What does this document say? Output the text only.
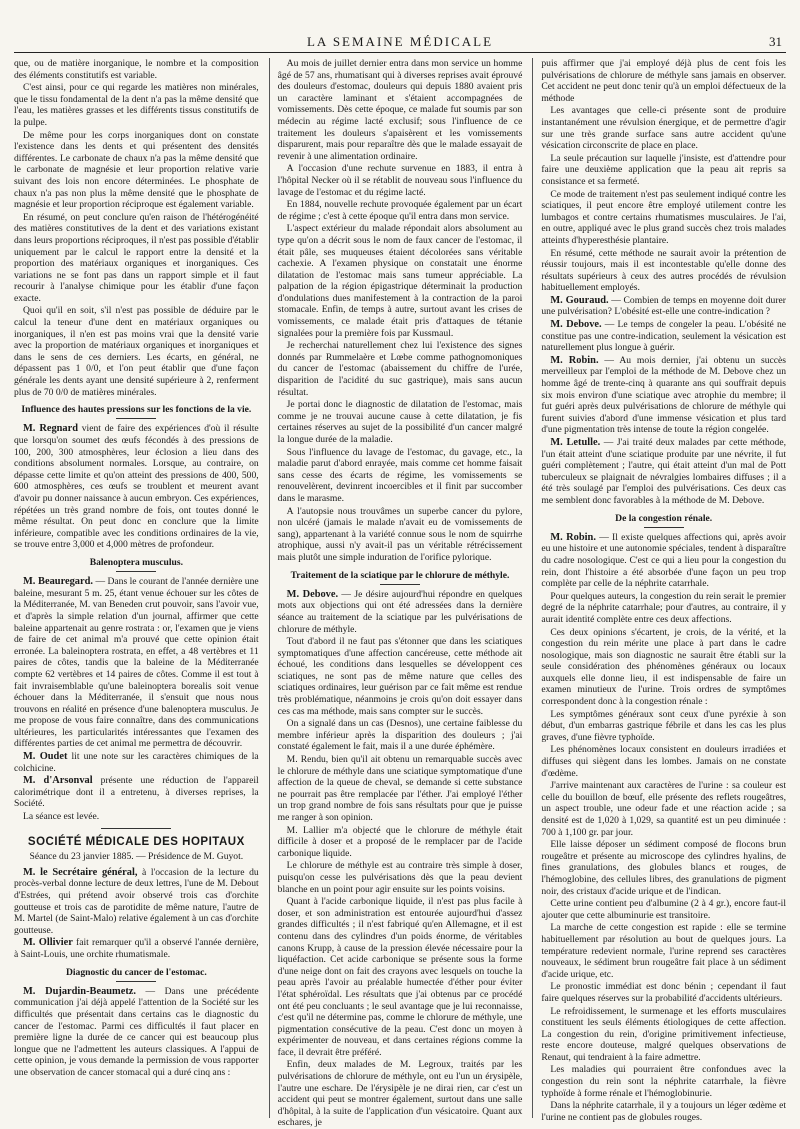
LA SEMAINE MÉDICALE	31

que, ou de matière inorganique, le nombre et la composition des éléments constitutifs est variable.

C'est ainsi, pour ce qui regarde les matières non minérales, que le tissu fondamental de la dent n'a pas la même densité que l'eau, les matières grasses et les différents tissus constitutifs de la pulpe.

De même pour les corps inorganiques dont on constate l'existence dans les dents et qui présentent des densités différentes. Le carbonate de chaux n'a pas la même densité que le carbonate de magnésie et leur proportion relative varie suivant des lois non encore déterminées. Le phosphate de chaux n'a pas non plus la même densité que le phosphate de magnésie et leur proportion réciproque est également variable.

En résumé, on peut conclure qu'en raison de l'hétérogénéité des matières constitutives de la dent et des variations existant dans leurs proportions réciproques, il n'est pas possible d'établir uniquement par le calcul le rapport entre la densité et la proportion des matériaux organiques et inorganiques. Ces variations ne se font pas dans un rapport simple et il faut recourir à l'analyse chimique pour les établir d'une façon exacte.

Quoi qu'il en soit, s'il n'est pas possible de déduire par le calcul la teneur d'une dent en matériaux organiques ou inorganiques, il n'en est pas moins vrai que la densité varie avec la proportion de matériaux organiques et inorganiques et dans le sens de ces derniers. Les écarts, en général, ne dépassent pas 1 0/0, et l'on peut établir que d'une façon générale les dents ayant une densité supérieure à 2, renferment plus de 70 0/0 de matières minérales.

Influence des hautes pressions sur les fonctions de la vie.

M. Regnard vient de faire des expériences d'où il résulte que lorsqu'on soumet des œufs fécondés à des pressions de 100, 200, 300 atmosphères, leur éclosion a lieu dans des conditions absolument normales. Lorsque, au contraire, on dépasse cette limite et qu'on atteint des pressions de 400, 500, 600 atmosphères, ces œufs se troublent et meurent avant d'avoir pu donner naissance à aucun embryon. Ces expériences, répétées un très grand nombre de fois, ont toutes donné le même résultat. On peut donc en conclure que la limite inférieure, compatible avec les conditions ordinaires de la vie, se trouve entre 3,000 et 4,000 mètres de profondeur.

Balenoptera musculus.

M. Beauregard. — Dans le courant de l'année dernière une baleine, mesurant 5 m. 25, étant venue échouer sur les côtes de la Méditerranée, M. van Beneden crut pouvoir, sans l'avoir vue, et d'après la simple relation d'un journal, affirmer que cette baleine appartenait au genre rostrata : or, l'examen que je viens de faire de cet animal m'a prouvé que cette opinion était erronée. La baleinoptera rostrata, en effet, a 48 vertèbres et 11 paires de côtes, tandis que la baleine de la Méditerranée compte 62 vertèbres et 14 paires de côtes. Comme il est tout à fait invraisemblable qu'une baleinoptera borealis soit venue échouer dans la Méditerranée, il s'ensuit que nous nous trouvons en réalité en présence d'une balenoptera musculus. Je me propose de vous faire connaître, dans des communications ultérieures, les particularités intéressantes que l'examen des différentes parties de cet animal me permettra de découvrir.

M. Oudet lit une note sur les caractères chimiques de la colchicine.

M. d'Arsonval présente une réduction de l'appareil calorimétrique dont il a entretenu, à diverses reprises, la Société.

La séance est levée.

SOCIÉTÉ MÉDICALE DES HOPITAUX
Séance du 23 janvier 1885. — Présidence de M. Guyot.

M. le Secrétaire général, à l'occasion de la lecture du procès-verbal donne lecture de deux lettres, l'une de M. Debout d'Estrées, qui prétend avoir observé trois cas d'orchite goutteuse et trois cas de parotidite de même nature, l'autre de M. Martel (de Saint-Malo) relative également à un cas d'orchite goutteuse.

M. Ollivier fait remarquer qu'il a observé l'année dernière, à Saint-Louis, une orchite rhumatismale.

Diagnostic du cancer de l'estomac.

M. Dujardin-Beaumetz. — Dans une précédente communication j'ai déjà appelé l'attention de la Société sur les difficultés que présentait dans certains cas le diagnostic du cancer de l'estomac. Parmi ces difficultés il faut placer en première ligne la durée de ce cancer qui est beaucoup plus longue que ne l'admettent les auteurs classiques. A l'appui de cette opinion, je vous demande la permission de vous rapporter une observation de cancer stomacal qui a duré cinq ans :

Au mois de juillet dernier entra dans mon service un homme âgé de 57 ans, rhumatisant qui à diverses reprises avait éprouvé des douleurs d'estomac, douleurs qui depuis 1880 avaient pris un caractère laminant et s'étaient accompagnées de vomissements. Dès cette époque, ce malade fut soumis par son médecin au régime lacté exclusif; sous l'influence de ce traitement les douleurs s'apaisèrent et les vomissements disparurent, mais pour reparaître dès que le malade essayait de revenir à une alimentation ordinaire.

A l'occasion d'une rechute survenue en 1883, il entra à l'hôpital Necker où il se rétablit de nouveau sous l'influence du lavage de l'estomac et du régime lacté.

En 1884, nouvelle rechute provoquée également par un écart de régime ; c'est à cette époque qu'il entra dans mon service.

L'aspect extérieur du malade répondait alors absolument au type qu'on a décrit sous le nom de faux cancer de l'estomac, il était pâle, ses muqueuses étaient décolorées sans véritable cachexie. A l'examen physique on constatait une énorme dilatation de l'estomac mais sans tumeur appréciable. La palpation de la région épigastrique déterminait la production d'ondulations dues manifestement à la contraction de la paroi stomacale. Enfin, de temps à autre, surtout avant les crises de vomissements, ce malade était pris d'attaques de tétanie signalées pour la première fois par Kussmaul.

Je recherchai naturellement chez lui l'existence des signes donnés par Rummelaère et Lœbe comme pathognomoniques du cancer de l'estomac (abaissement du chiffre de l'urée, disparition de l'acidité du suc gastrique), mais sans aucun résultat.

Je portai donc le diagnostic de dilatation de l'estomac, mais comme je ne trouvai aucune cause à cette dilatation, je fis certaines réserves au sujet de la possibilité d'un cancer malgré la longue durée de la maladie.

Sous l'influence du lavage de l'estomac, du gavage, etc., la maladie parut d'abord enrayée, mais comme cet homme faisait sans cesse des écarts de régime, les vomissements se renouvelèrent, devinrent incoercibles et il finit par succomber dans le marasme.

A l'autopsie nous trouvâmes un superbe cancer du pylore, non ulcéré (jamais le malade n'avait eu de vomissements de sang), appartenant à la variété connue sous le nom de squirrhe atrophique, aussi n'y avait-il pas un véritable rétrécissement mais plutôt une simple induration de l'orifice pylorique.

Traitement de la sciatique par le chlorure de méthyle.

M. Debove. — Je désire aujourd'hui répondre en quelques mots aux objections qui ont été adressées dans la dernière séance au traitement de la sciatique par les pulvérisations de chlorure de méthyle.

Tout d'abord il ne faut pas s'étonner que dans les sciatiques symptomatiques d'une affection cancéreuse, cette méthode ait échoué, les conditions dans lesquelles se développent ces sciatiques, ne sont pas de même nature que celles des sciatiques ordinaires, leur guérison par ce fait même est rendue très problématique, néanmoins je crois qu'on doit essayer dans ces cas ma méthode, mais sans compter sur le succès.

On a signalé dans un cas (Desnos), une certaine faiblesse du membre inférieur après la disparition des douleurs ; j'ai constaté également le fait, mais il a une durée éphémère.

M. Rendu, bien qu'il ait obtenu un remarquable succès avec le chlorure de méthyle dans une sciatique symptomatique d'une affection de la queue de cheval, se demande si cette substance ne pourrait pas être remplacée par l'éther. J'ai employé l'éther un trop grand nombre de fois sans résultats pour que je puisse me ranger à son opinion.

M. Lallier m'a objecté que le chlorure de méthyle était difficile à doser et a proposé de le remplacer par de l'acide carbonique liquide.

Le chlorure de méthyle est au contraire très simple à doser, puisqu'on cesse les pulvérisations dès que la peau devient blanche en un point pour agir ensuite sur les points voisins.

Quant à l'acide carbonique liquide, il n'est pas plus facile à doser, et son administration est entourée aujourd'hui d'assez grandes difficultés ; il n'est fabriqué qu'en Allemagne, et il est contenu dans des cylindres d'un poids énorme, de véritables canons Krupp, à cause de la pression élevée nécessaire pour la liquéfaction. Cet acide carbonique se présente sous la forme d'une neige dont on fait des crayons avec lesquels on touche la peau après l'avoir au préalable humectée d'éther pour éviter l'état sphéroïdal. Les résultats que j'ai obtenus par ce procédé ont été peu concluants ; le seul avantage que je lui reconnaisse, c'est qu'il ne détermine pas, comme le chlorure de méthyle, une pigmentation consécutive de la peau. C'est donc un moyen à expérimenter de nouveau, et dans certaines régions comme la face, il devrait être préféré.

Enfin, deux malades de M. Legroux, traités par les pulvérisations de chlorure de méthyle, ont eu l'un un érysipèle, l'autre une eschare. De l'érysipèle je ne dirai rien, car c'est un accident qui peut se montrer également, surtout dans une salle d'hôpital, à la suite de l'application d'un vésicatoire. Quant aux eschares, je

puis affirmer que j'ai employé déjà plus de cent fois les pulvérisations de chlorure de méthyle sans jamais en observer. Cet accident ne peut donc tenir qu'à un emploi défectueux de la méthode

Les avantages que celle-ci présente sont de produire instantanément une révulsion énergique, et de permettre d'agir sur une très grande surface sans autre accident qu'une vésication circonscrite de place en place.

La seule précaution sur laquelle j'insiste, est d'attendre pour faire une deuxième application que la peau ait repris sa consistance et sa fermeté.

Ce mode de traitement n'est pas seulement indiqué contre les sciatiques, il peut encore être employé utilement contre les lumbagos et contre certains rhumatismes musculaires. Je l'ai, en outre, appliqué avec le plus grand succès chez trois malades atteints d'hyperesthésie plantaire.

En résumé, cette méthode ne saurait avoir la prétention de réussir toujours, mais il est incontestable qu'elle donne des résultats supérieurs à ceux des autres procédés de révulsion habituellement employés.

M. Gouraud. — Combien de temps en moyenne doit durer une pulvérisation? L'obésité est-elle une contre-indication ?

M. Debove. — Le temps de congeler la peau. L'obésité ne constitue pas une contre-indication, seulement la vésication est naturellement plus longue à guérir.

M. Robin. — Au mois dernier, j'ai obtenu un succès merveilleux par l'emploi de la méthode de M. Debove chez un homme âgé de trente-cinq à quarante ans qui souffrait depuis six mois environ d'une sciatique avec atrophie du membre; il fut guéri après deux pulvérisations de chlorure de méthyle qui furent suivies d'abord d'une immense vésication et plus tard d'une pigmentation très intense de toute la région congelée.

M. Letulle. — J'ai traité deux malades par cette méthode, l'un était atteint d'une sciatique produite par une névrite, il fut guéri complètement ; l'autre, qui était atteint d'un mal de Pott tuberculeux se plaignait de névralgies lombaires diffuses ; il a été très soulagé par l'emploi des pulvérisations. Ces deux cas me semblent donc favorables à la méthode de M. Debove.

De la congestion rénale.

M. Robin. — Il existe quelques affections qui, après avoir eu une histoire et une autonomie spéciales, tendent à disparaître du cadre nosologique. C'est ce qui a lieu pour la congestion du rein, dont l'histoire a été absorbée d'une façon un peu trop complète par celle de la néphrite catarrhale.

Pour quelques auteurs, la congestion du rein serait le premier degré de la néphrite catarrhale; pour d'autres, au contraire, il y aurait identité complète entre ces deux affections.

Ces deux opinions s'écartent, je crois, de la vérité, et la congestion du rein mérite une place à part dans le cadre nosologique, mais son diagnostic ne saurait être établi sur la seule considération des phénomènes généraux ou locaux auxquels elle donne lieu, il est indispensable de faire un examen minutieux de l'urine. Trois ordres de symptômes correspondent donc à la congestion rénale :

Les symptômes généraux sont ceux d'une pyréxie à son début, d'un embarras gastrique fébrile et dans les cas les plus graves, d'une fièvre typhoïde.

Les phénomènes locaux consistent en douleurs irradiées et diffuses qui siègent dans les lombes. Jamais on ne constate d'œdème.

J'arrive maintenant aux caractères de l'urine : sa couleur est celle du bouillon de bœuf, elle présente des reflets rougeâtres, un aspect trouble, une odeur fade et une réaction acide ; sa densité est de 1,020 à 1,029, sa quantité est un peu diminuée : 700 à 1,100 gr. par jour.

Elle laisse déposer un sédiment composé de flocons brun rougeâtre et présente au microscope des cylindres hyalins, de fines granulations, des globules blancs et rouges, de l'hémoglobine, des cellules libres, des granulations de pigment noir, des cristaux d'acide urique et de l'indican.

Cette urine contient peu d'albumine (2 à 4 gr.), encore faut-il ajouter que cette albuminurie est transitoire.

La marche de cette congestion est rapide : elle se termine habituellement par résolution au bout de quelques jours. La température redevient normale, l'urine reprend ses caractères nouveaux, le sédiment brun rougeâtre fait place à un sédiment d'acide urique, etc.

Le pronostic immédiat est donc bénin ; cependant il faut faire quelques réserves sur la probabilité d'accidents ultérieurs.

Le refroidissement, le surmenage et les efforts musculaires constituent les seuls éléments étiologiques de cette affection. La congestion du rein, d'origine primitivement infectieuse, reste encore douteuse, malgré quelques observations de Renaut, qui tendraient à la faire admettre.

Les maladies qui pourraient être confondues avec la congestion du rein sont la néphrite catarrhale, la fièvre typhoïde à forme rénale et l'hémoglobinurie.

Dans la néphrite catarrhale, il y a toujours un léger œdème et l'urine ne contient pas de globules rouges.
